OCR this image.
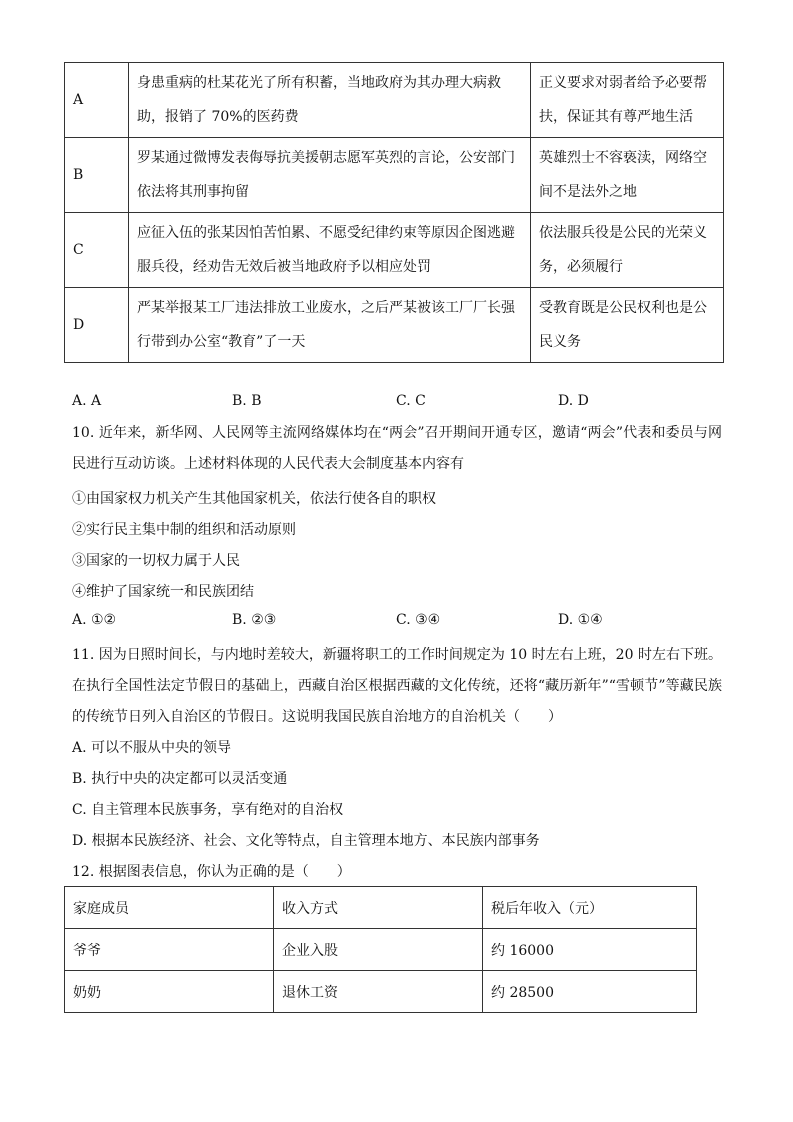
A	身患重病的杜某花光了所有积蓄，当地政府为其办理大病救助，报销了 70%的医药费	正义要求对弱者给予必要帮扶，保证其有尊严地生活
B	罗某通过微博发表侮辱抗美援朝志愿军英烈的言论，公安部门依法将其刑事拘留	英雄烈士不容亵渎，网络空间不是法外之地
C	应征入伍的张某因怕苦怕累、不愿受纪律约束等原因企图逃避服兵役，经劝告无效后被当地政府予以相应处罚	依法服兵役是公民的光荣义务，必须履行
D	严某举报某工厂违法排放工业废水，之后严某被该工厂厂长强行带到办公室“教育”了一天	受教育既是公民权利也是公民义务
A. A	B. B	C. C	D. D
10. 近年来，新华网、人民网等主流网络媒体均在“两会”召开期间开通专区，邀请“两会”代表和委员与网民进行互动访谈。上述材料体现的人民代表大会制度基本内容有
①由国家权力机关产生其他国家机关，依法行使各自的职权
②实行民主集中制的组织和活动原则
③国家的一切权力属于人民
④维护了国家统一和民族团结
A. ①②	B. ②③	C. ③④	D. ①④
11. 因为日照时间长，与内地时差较大，新疆将职工的工作时间规定为 10 时左右上班，20 时左右下班。在执行全国性法定节假日的基础上，西藏自治区根据西藏的文化传统，还将“藏历新年”“雪顿节”等藏民族的传统节日列入自治区的节假日。这说明我国民族自治地方的自治机关（　　）
A. 可以不服从中央的领导
B. 执行中央的决定都可以灵活变通
C. 自主管理本民族事务，享有绝对的自治权
D. 根据本民族经济、社会、文化等特点，自主管理本地方、本民族内部事务
12. 根据图表信息，你认为正确的是（　　）
家庭成员	收入方式	税后年收入（元）
爷爷	企业入股	约 16000
奶奶	退休工资	约 28500
